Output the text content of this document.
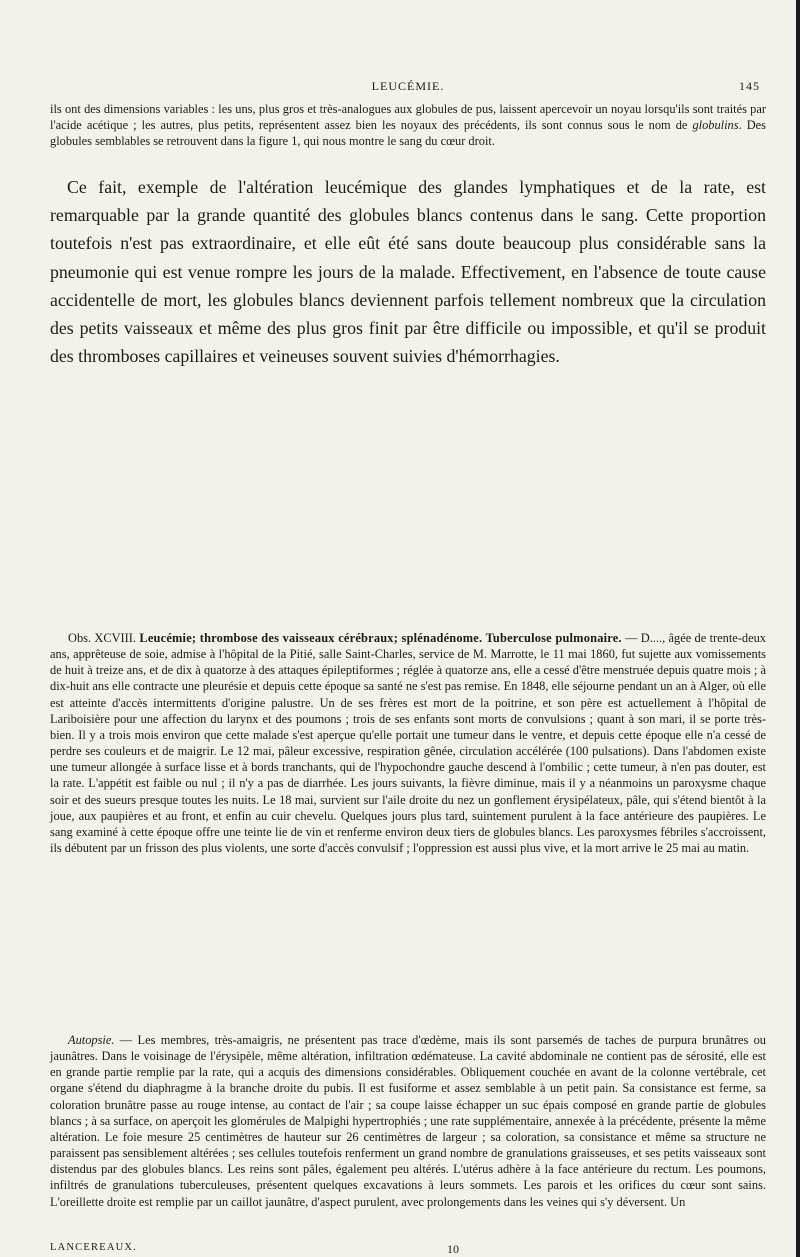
LEUCÉMIE.	145

ils ont des dimensions variables : les uns, plus gros et très-analogues aux globules de pus, laissent apercevoir un noyau lorsqu'ils sont traités par l'acide acétique ; les autres, plus petits, représentent assez bien les noyaux des précédents, ils sont connus sous le nom de globulins. Des globules semblables se retrouvent dans la figure 1, qui nous montre le sang du cœur droit.

Ce fait, exemple de l'altération leucémique des glandes lymphatiques et de la rate, est remarquable par la grande quantité des globules blancs contenus dans le sang. Cette proportion toutefois n'est pas extraordinaire, et elle eût été sans doute beaucoup plus considérable sans la pneumonie qui est venue rompre les jours de la malade. Effectivement, en l'absence de toute cause accidentelle de mort, les globules blancs deviennent parfois tellement nombreux que la circulation des petits vaisseaux et même des plus gros finit par être difficile ou impossible, et qu'il se produit des thromboses capillaires et veineuses souvent suivies d'hémorrhagies.

Obs. XCVIII. Leucémie; thrombose des vaisseaux cérébraux; splénadénome. Tuberculose pulmonaire. — D...., âgée de trente-deux ans, apprêteuse de soie, admise à l'hôpital de la Pitié, salle Saint-Charles, service de M. Marrotte, le 11 mai 1860, fut sujette aux vomissements de huit à treize ans, et de dix à quatorze à des attaques épileptiformes ; réglée à quatorze ans, elle a cessé d'être menstruée depuis quatre mois ; à dix-huit ans elle contracte une pleurésie et depuis cette époque sa santé ne s'est pas remise. En 1848, elle séjourne pendant un an à Alger, où elle est atteinte d'accès intermittents d'origine palustre. Un de ses frères est mort de la poitrine, et son père est actuellement à l'hôpital de Lariboisière pour une affection du larynx et des poumons ; trois de ses enfants sont morts de convulsions ; quant à son mari, il se porte très-bien. Il y a trois mois environ que cette malade s'est aperçue qu'elle portait une tumeur dans le ventre, et depuis cette époque elle n'a cessé de perdre ses couleurs et de maigrir. Le 12 mai, pâleur excessive, respiration gênée, circulation accélérée (100 pulsations). Dans l'abdomen existe une tumeur allongée à surface lisse et à bords tranchants, qui de l'hypochondre gauche descend à l'ombilic ; cette tumeur, à n'en pas douter, est la rate. L'appétit est faible ou nul ; il n'y a pas de diarrhée. Les jours suivants, la fièvre diminue, mais il y a néanmoins un paroxysme chaque soir et des sueurs presque toutes les nuits. Le 18 mai, survient sur l'aile droite du nez un gonflement érysipélateux, pâle, qui s'étend bientôt à la joue, aux paupières et au front, et enfin au cuir chevelu. Quelques jours plus tard, suintement purulent à la face antérieure des paupières. Le sang examiné à cette époque offre une teinte lie de vin et renferme environ deux tiers de globules blancs. Les paroxysmes fébriles s'accroissent, ils débutent par un frisson des plus violents, une sorte d'accès convulsif ; l'oppression est aussi plus vive, et la mort arrive le 25 mai au matin.

Autopsie. — Les membres, très-amaigris, ne présentent pas trace d'œdème, mais ils sont parsemés de taches de purpura brunâtres ou jaunâtres. Dans le voisinage de l'érysipèle, même altération, infiltration œdémateuse. La cavité abdominale ne contient pas de sérosité, elle est en grande partie remplie par la rate, qui a acquis des dimensions considérables. Obliquement couchée en avant de la colonne vertébrale, cet organe s'étend du diaphragme à la branche droite du pubis. Il est fusiforme et assez semblable à un petit pain. Sa consistance est ferme, sa coloration brunâtre passe au rouge intense, au contact de l'air ; sa coupe laisse échapper un suc épais composé en grande partie de globules blancs ; à sa surface, on aperçoit les glomérules de Malpighi hypertrophiés ; une rate supplémentaire, annexée à la précédente, présente la même altération. Le foie mesure 25 centimètres de hauteur sur 26 centimètres de largeur ; sa coloration, sa consistance et même sa structure ne paraissent pas sensiblement altérées ; ses cellules toutefois renferment un grand nombre de granulations graisseuses, et ses petits vaisseaux sont distendus par des globules blancs. Les reins sont pâles, également peu altérés. L'utérus adhère à la face antérieure du rectum. Les poumons, infiltrés de granulations tuberculeuses, présentent quelques excavations à leurs sommets. Les parois et les orifices du cœur sont sains. L'oreillette droite est remplie par un caillot jaunâtre, d'aspect purulent, avec prolongements dans les veines qui s'y déversent. Un

LANCEREAUX.	10
